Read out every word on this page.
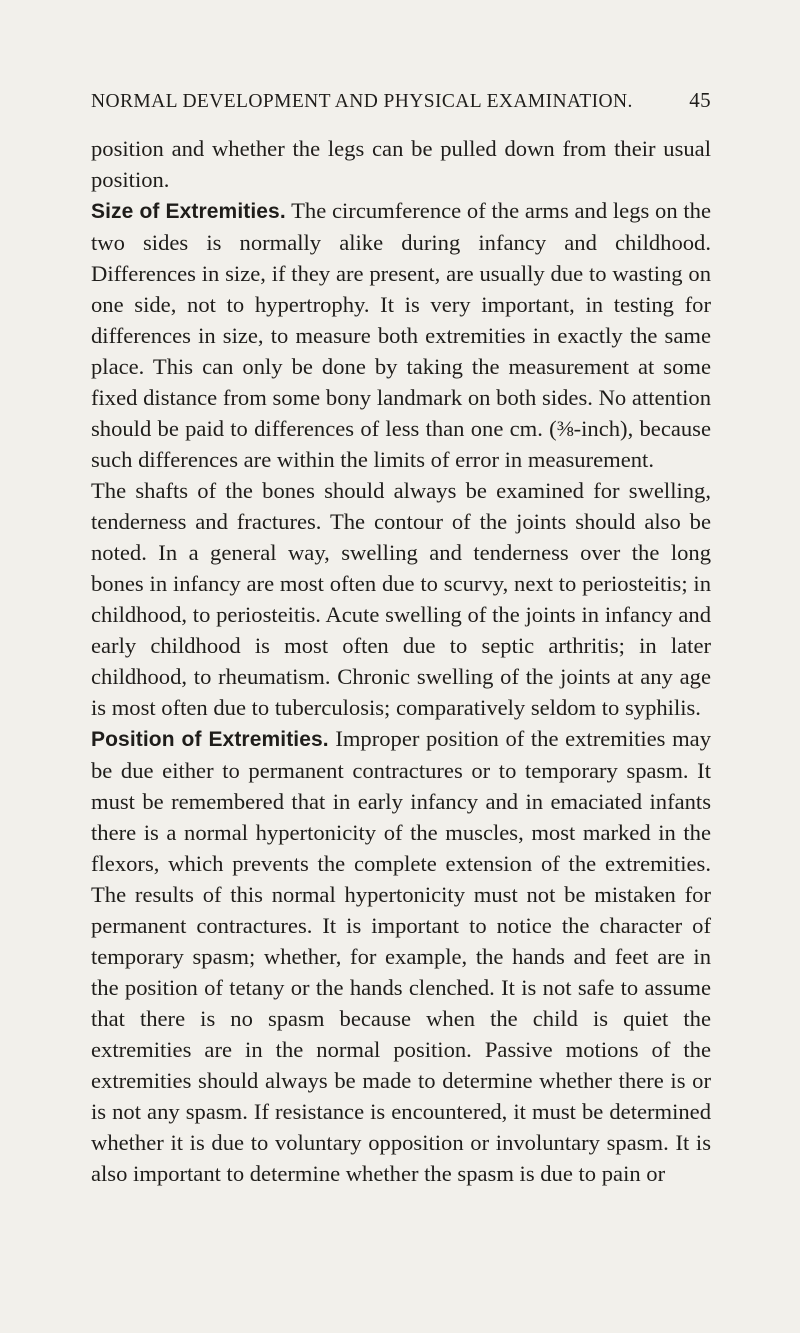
NORMAL DEVELOPMENT AND PHYSICAL EXAMINATION.	45

position and whether the legs can be pulled down from their usual position.

Size of Extremities. The circumference of the arms and legs on the two sides is normally alike during infancy and childhood. Differences in size, if they are present, are usually due to wasting on one side, not to hypertrophy. It is very important, in testing for differences in size, to measure both extremities in exactly the same place. This can only be done by taking the measurement at some fixed distance from some bony landmark on both sides. No attention should be paid to differences of less than one cm. (⅜-inch), because such differences are within the limits of error in measurement.

The shafts of the bones should always be examined for swelling, tenderness and fractures. The contour of the joints should also be noted. In a general way, swelling and tenderness over the long bones in infancy are most often due to scurvy, next to periosteitis; in childhood, to periosteitis. Acute swelling of the joints in infancy and early childhood is most often due to septic arthritis; in later childhood, to rheumatism. Chronic swelling of the joints at any age is most often due to tuberculosis; comparatively seldom to syphilis.

Position of Extremities. Improper position of the extremities may be due either to permanent contractures or to temporary spasm. It must be remembered that in early infancy and in emaciated infants there is a normal hypertonicity of the muscles, most marked in the flexors, which prevents the complete extension of the extremities. The results of this normal hypertonicity must not be mistaken for permanent contractures. It is important to notice the character of temporary spasm; whether, for example, the hands and feet are in the position of tetany or the hands clenched. It is not safe to assume that there is no spasm because when the child is quiet the extremities are in the normal position. Passive motions of the extremities should always be made to determine whether there is or is not any spasm. If resistance is encountered, it must be determined whether it is due to voluntary opposition or involuntary spasm. It is also important to determine whether the spasm is due to pain or
